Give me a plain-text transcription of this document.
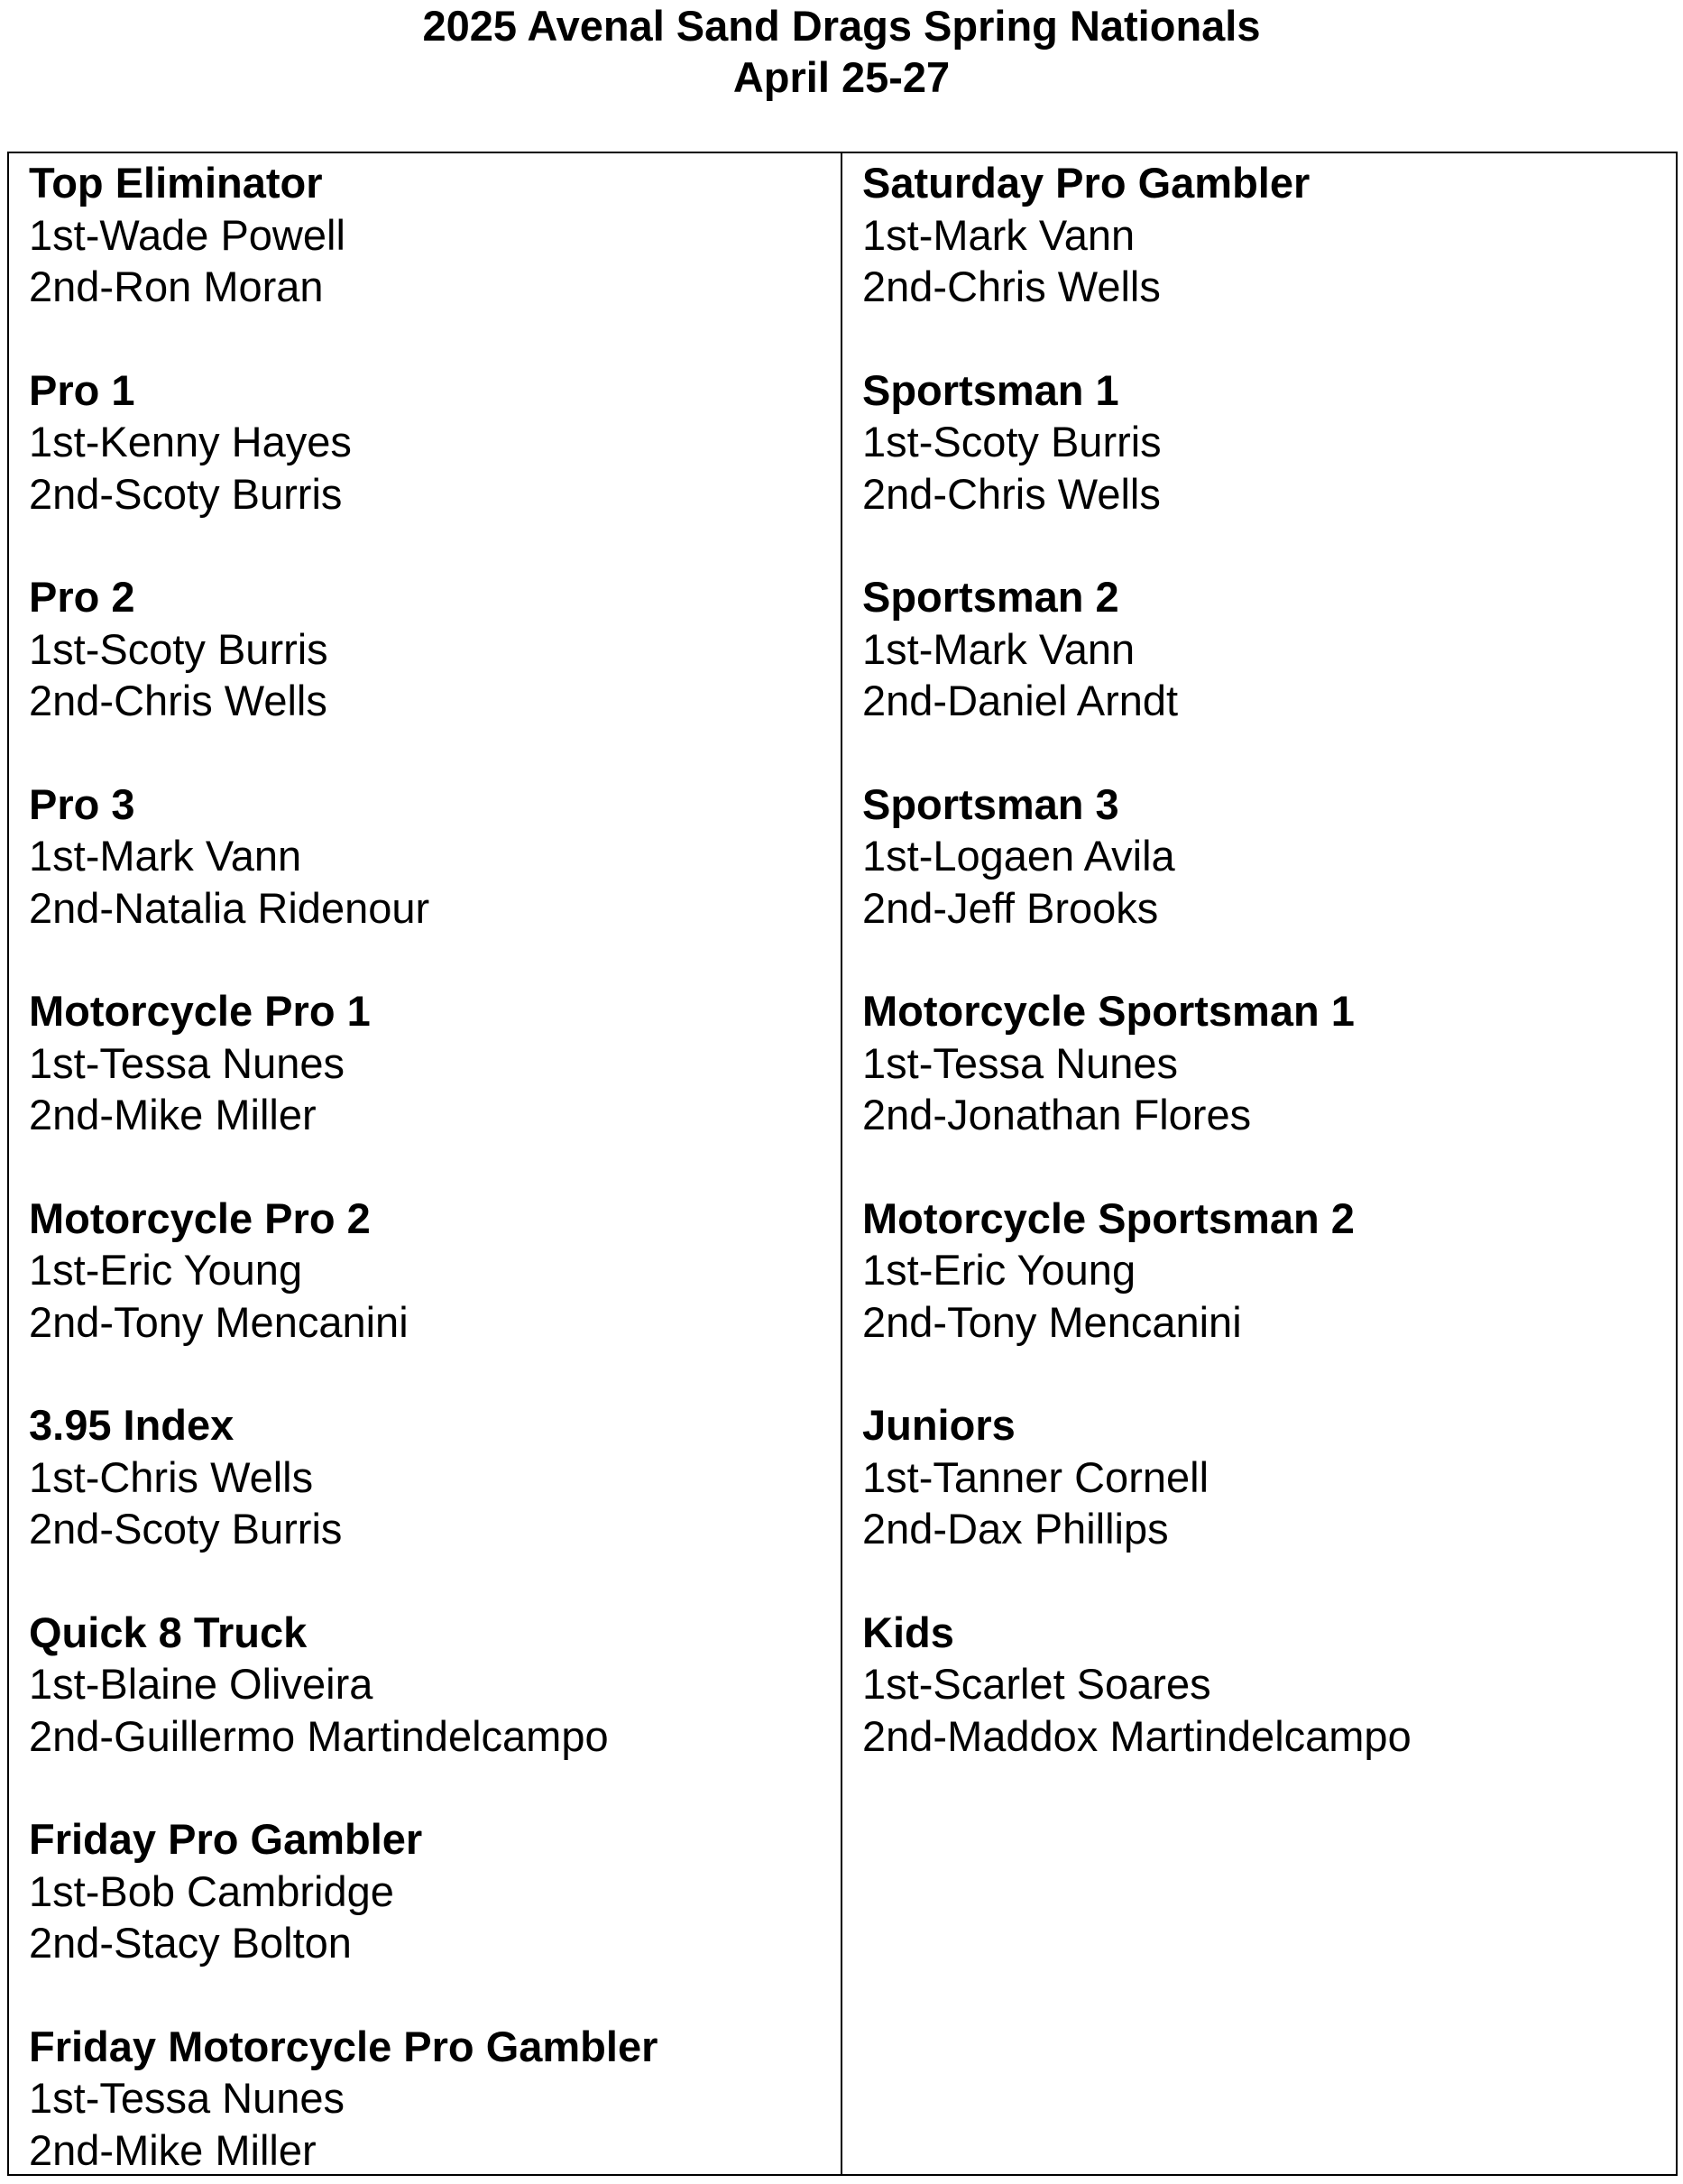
2025 Avenal Sand Drags Spring Nationals
April 25-27
Top Eliminator
1st-Wade Powell
2nd-Ron Moran
Pro 1
1st-Kenny Hayes
2nd-Scoty Burris
Pro 2
1st-Scoty Burris
2nd-Chris Wells
Pro 3
1st-Mark Vann
2nd-Natalia Ridenour
Motorcycle Pro 1
1st-Tessa Nunes
2nd-Mike Miller
Motorcycle Pro 2
1st-Eric Young
2nd-Tony Mencanini
3.95 Index
1st-Chris Wells
2nd-Scoty Burris
Quick 8 Truck
1st-Blaine Oliveira
2nd-Guillermo Martindelcampo
Friday Pro Gambler
1st-Bob Cambridge
2nd-Stacy Bolton
Friday Motorcycle Pro Gambler
1st-Tessa Nunes
2nd-Mike Miller
Saturday Pro Gambler
1st-Mark Vann
2nd-Chris Wells
Sportsman 1
1st-Scoty Burris
2nd-Chris Wells
Sportsman 2
1st-Mark Vann
2nd-Daniel Arndt
Sportsman 3
1st-Logaen Avila
2nd-Jeff Brooks
Motorcycle Sportsman 1
1st-Tessa Nunes
2nd-Jonathan Flores
Motorcycle Sportsman 2
1st-Eric Young
2nd-Tony Mencanini
Juniors
1st-Tanner Cornell
2nd-Dax Phillips
Kids
1st-Scarlet Soares
2nd-Maddox Martindelcampo
